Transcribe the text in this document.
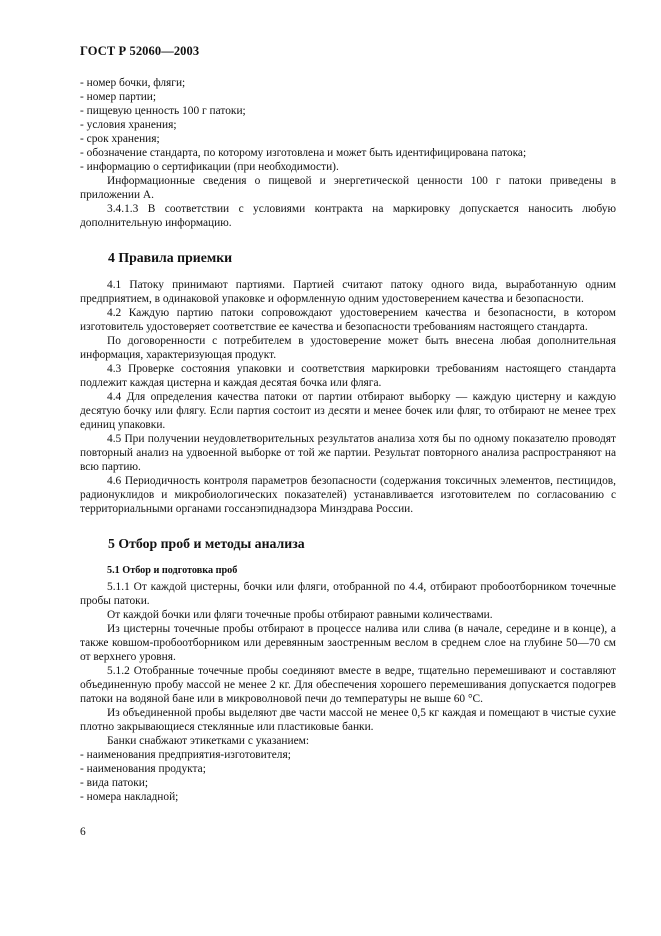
ГОСТ Р 52060—2003

- номер бочки, фляги;

- номер партии;

- пищевую ценность 100 г патоки;

- условия хранения;

- срок хранения;

- обозначение стандарта, по которому изготовлена и может быть идентифицирована патока;

- информацию о сертификации (при необходимости).

Информационные сведения о пищевой и энергетической ценности 100 г патоки приведены в приложении А.

3.4.1.3 В соответствии с условиями контракта на маркировку допускается наносить любую дополнительную информацию.

4 Правила приемки

4.1 Патоку принимают партиями. Партией считают патоку одного вида, выработанную одним предприятием, в одинаковой упаковке и оформленную одним удостоверением качества и безопасности.

4.2 Каждую партию патоки сопровождают удостоверением качества и безопасности, в котором изготовитель удостоверяет соответствие ее качества и безопасности требованиям настоящего стандарта.

По договоренности с потребителем в удостоверение может быть внесена любая дополнительная информация, характеризующая продукт.

4.3 Проверке состояния упаковки и соответствия маркировки требованиям настоящего стандарта подлежит каждая цистерна и каждая десятая бочка или фляга.

4.4 Для определения качества патоки от партии отбирают выборку — каждую цистерну и каждую десятую бочку или флягу. Если партия состоит из десяти и менее бочек или фляг, то отбирают не менее трех единиц упаковки.

4.5 При получении неудовлетворительных результатов анализа хотя бы по одному показателю проводят повторный анализ на удвоенной выборке от той же партии. Результат повторного анализа распространяют на всю партию.

4.6 Периодичность контроля параметров безопасности (содержания токсичных элементов, пестицидов, радионуклидов и микробиологических показателей) устанавливается изготовителем по согласованию с территориальными органами госсанэпиднадзора Минздрава России.

5 Отбор проб и методы анализа

5.1 Отбор и подготовка проб

5.1.1 От каждой цистерны, бочки или фляги, отобранной по 4.4, отбирают пробоотборником точечные пробы патоки.

От каждой бочки или фляги точечные пробы отбирают равными количествами.

Из цистерны точечные пробы отбирают в процессе налива или слива (в начале, середине и в конце), а также ковшом-пробоотборником или деревянным заостренным веслом в среднем слое на глубине 50—70 см от верхнего уровня.

5.1.2 Отобранные точечные пробы соединяют вместе в ведре, тщательно перемешивают и составляют объединенную пробу массой не менее 2 кг. Для обеспечения хорошего перемешивания допускается подогрев патоки на водяной бане или в микроволновой печи до температуры не выше 60 °С.

Из объединенной пробы выделяют две части массой не менее 0,5 кг каждая и помещают в чистые сухие плотно закрывающиеся стеклянные или пластиковые банки.

Банки снабжают этикетками с указанием:

- наименования предприятия-изготовителя;

- наименования продукта;

- вида патоки;

- номера накладной;

6
